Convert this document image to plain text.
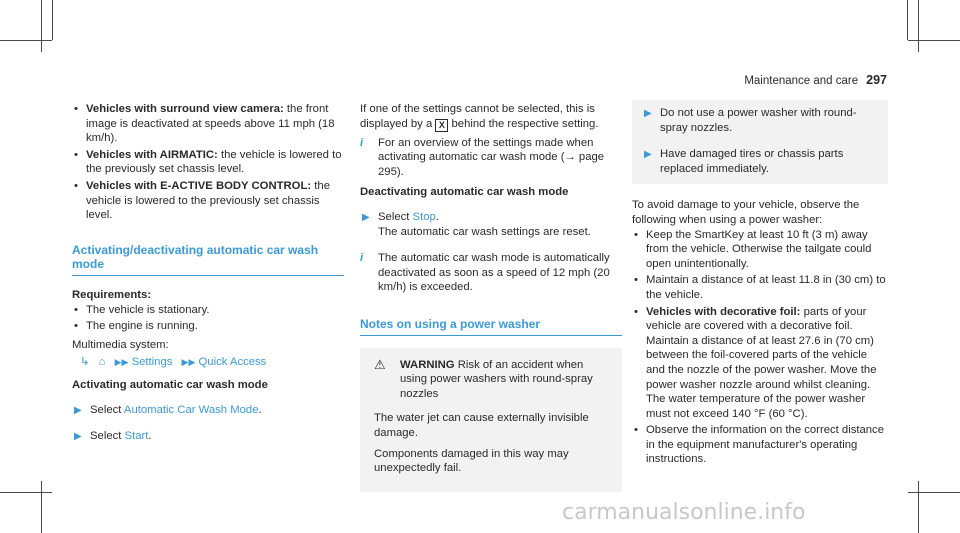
Maintenance and care 297

• Vehicles with surround view camera: the front image is deactivated at speeds above 11 mph (18 km/h).

• Vehicles with AIRMATIC: the vehicle is lowered to the previously set chassis level.

• Vehicles with E-ACTIVE BODY CONTROL: the vehicle is lowered to the previously set chassis level.

Activating/deactivating automatic car wash mode

Requirements:

• The vehicle is stationary.

• The engine is running.

Multimedia system:

↳ ⌂ ▶▶ Settings ▶▶ Quick Access

Activating automatic car wash mode

▶ Select Automatic Car Wash Mode.

▶ Select Start.

If one of the settings cannot be selected, this is displayed by a X behind the respective setting.

i For an overview of the settings made when activating automatic car wash mode (→ page 295).

Deactivating automatic car wash mode

▶ Select Stop.
The automatic car wash settings are reset.

i The automatic car wash mode is automatically deactivated as soon as a speed of 12 mph (20 km/h) is exceeded.

Notes on using a power washer

⚠ WARNING Risk of an accident when using power washers with round-spray nozzles

The water jet can cause externally invisible damage.

Components damaged in this way may unexpectedly fail.

▶ Do not use a power washer with round-spray nozzles.

▶ Have damaged tires or chassis parts replaced immediately.

To avoid damage to your vehicle, observe the following when using a power washer:

• Keep the SmartKey at least 10 ft (3 m) away from the vehicle. Otherwise the tailgate could open unintentionally.

• Maintain a distance of at least 11.8 in (30 cm) to the vehicle.

• Vehicles with decorative foil: parts of your vehicle are covered with a decorative foil. Maintain a distance of at least 27.6 in (70 cm) between the foil-covered parts of the vehicle and the nozzle of the power washer. Move the power washer nozzle around whilst cleaning. The water temperature of the power washer must not exceed 140 °F (60 °C).

• Observe the information on the correct distance in the equipment manufacturer's operating instructions.

carmanualsonline.info
